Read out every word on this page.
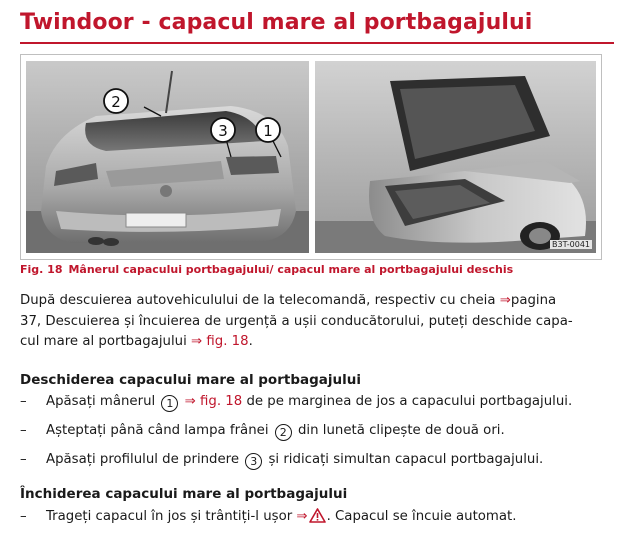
Twindoor - capacul mare al portbagajului
2
3 1
B3T-0041
Fig. 18 Mânerul capacului portbagajului/ capacul mare al portbagajului deschis

După descuierea autovehiculului de la telecomandă, respectiv cu cheia ⇒pagina

37, Descuierea și încuierea de urgență a ușii conducătorului, puteți deschide capa-

cul mare al portbagajului ⇒ fig. 18.

Deschiderea capacului mare al portbagajului
– Apăsați mânerul 1 ⇒ fig. 18 de pe marginea de jos a capacului portbagajului.
– Așteptați până când lampa frânei 2 din lunetă clipește de două ori.
– Apăsați profilulul de prindere 3 și ridicați simultan capacul portbagajului.
Închiderea capacului mare al portbagajului
– Trageți capacul în jos și trântiți-l ușor ⇒ . Capacul se încuie automat.
